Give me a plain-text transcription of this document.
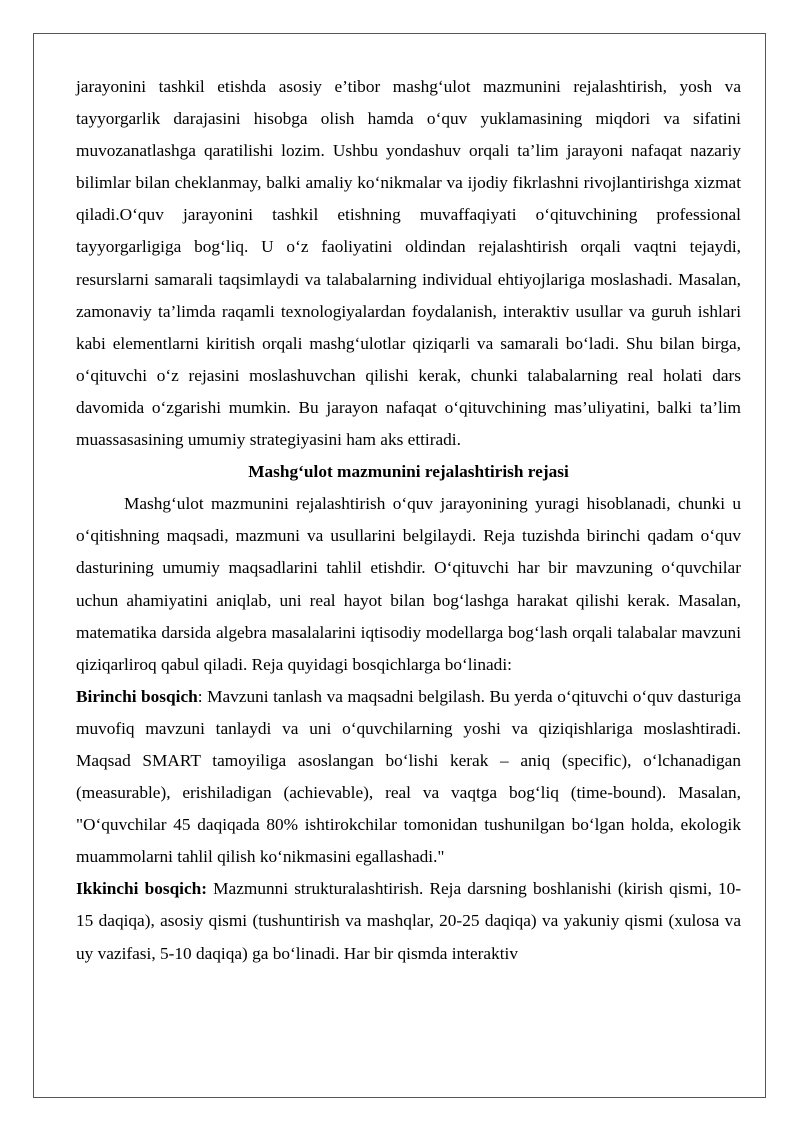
jarayonini tashkil etishda asosiy e’tibor mashg‘ulot mazmunini rejalashtirish, yosh va tayyorgarlik darajasini hisobga olish hamda o‘quv yuklamasining miqdori va sifatini muvozanatlashga qaratilishi lozim. Ushbu yondashuv orqali ta’lim jarayoni nafaqat nazariy bilimlar bilan cheklanmay, balki amaliy ko‘nikmalar va ijodiy fikrlashni rivojlantirishga xizmat qiladi.O‘quv jarayonini tashkil etishning muvaffaqiyati o‘qituvchining professional tayyorgarligiga bog‘liq. U o‘z faoliyatini oldindan rejalashtirish orqali vaqtni tejaydi, resurslarni samarali taqsimlaydi va talabalarning individual ehtiyojlariga moslashadi. Masalan, zamonaviy ta’limda raqamli texnologiyalardan foydalanish, interaktiv usullar va guruh ishlari kabi elementlarni kiritish orqali mashg‘ulotlar qiziqarli va samarali bo‘ladi. Shu bilan birga, o‘qituvchi o‘z rejasini moslashuvchan qilishi kerak, chunki talabalarning real holati dars davomida o‘zgarishi mumkin. Bu jarayon nafaqat o‘qituvchining mas’uliyatini, balki ta’lim muassasasining umumiy strategiyasini ham aks ettiradi.

Mashg‘ulot mazmunini rejalashtirish rejasi

Mashg‘ulot mazmunini rejalashtirish o‘quv jarayonining yuragi hisoblanadi, chunki u o‘qitishning maqsadi, mazmuni va usullarini belgilaydi. Reja tuzishda birinchi qadam o‘quv dasturining umumiy maqsadlarini tahlil etishdir. O‘qituvchi har bir mavzuning o‘quvchilar uchun ahamiyatini aniqlab, uni real hayot bilan bog‘lashga harakat qilishi kerak. Masalan, matematika darsida algebra masalalarini iqtisodiy modellarga bog‘lash orqali talabalar mavzuni qiziqarliroq qabul qiladi. Reja quyidagi bosqichlarga bo‘linadi:

Birinchi bosqich: Mavzuni tanlash va maqsadni belgilash. Bu yerda o‘qituvchi o‘quv dasturiga muvofiq mavzuni tanlaydi va uni o‘quvchilarning yoshi va qiziqishlariga moslashtiradi. Maqsad SMART tamoyiliga asoslangan bo‘lishi kerak – aniq (specific), o‘lchanadigan (measurable), erishiladigan (achievable), real va vaqtga bog‘liq (time-bound). Masalan, "O‘quvchilar 45 daqiqada 80% ishtirokchilar tomonidan tushunilgan bo‘lgan holda, ekologik muammolarni tahlil qilish ko‘nikmasini egallashadi."

Ikkinchi bosqich: Mazmunni strukturalashtirish. Reja darsning boshlanishi (kirish qismi, 10-15 daqiqa), asosiy qismi (tushuntirish va mashqlar, 20-25 daqiqa) va yakuniy qismi (xulosa va uy vazifasi, 5-10 daqiqa) ga bo‘linadi. Har bir qismda interaktiv
